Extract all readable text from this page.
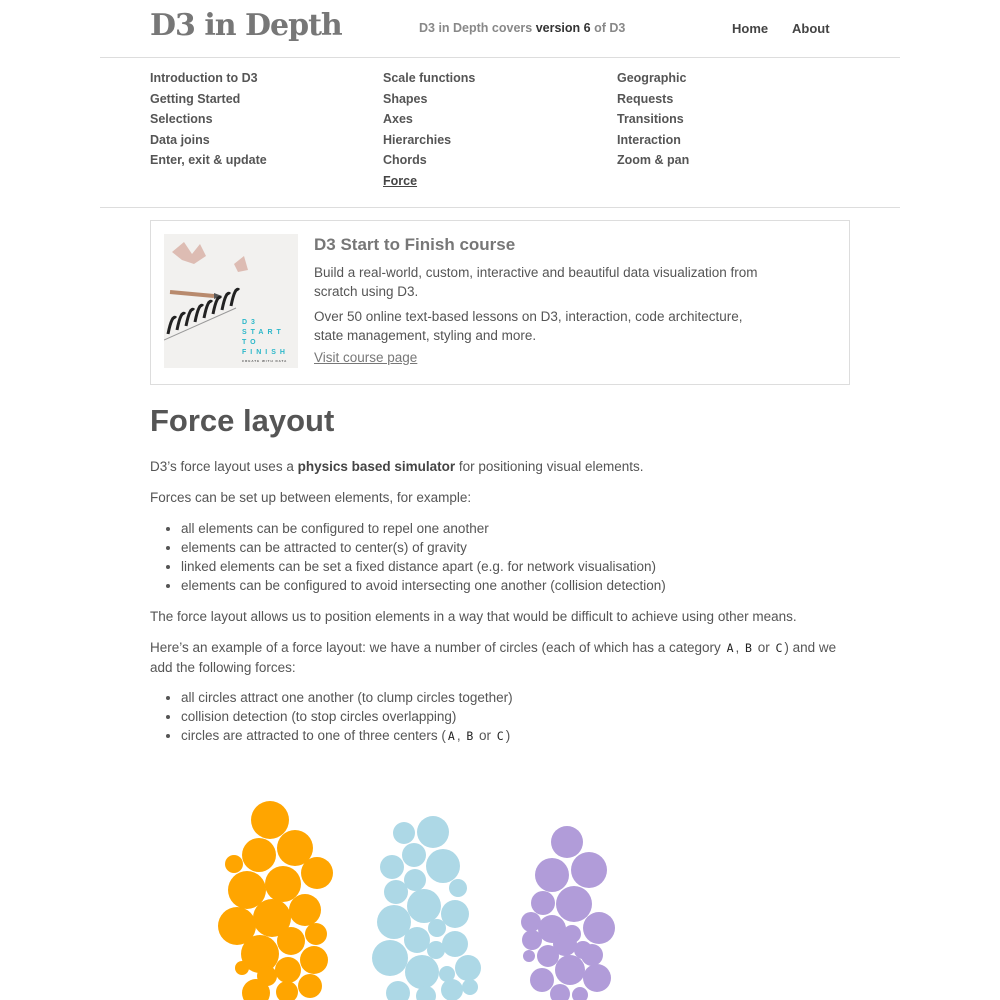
D3 in Depth	D3 in Depth covers version 6 of D3	Home About
Introduction to D3
Getting Started
Selections
Data joins
Enter, exit & update
Scale functions
Shapes
Axes
Hierarchies
Chords
Force
Geographic
Requests
Transitions
Interaction
Zoom & pan
D3
START
TO
FINISH
CREATE WITH DATA
D3 Start to Finish course

Build a real-world, custom, interactive and beautiful data visualization from scratch using D3.

Over 50 online text-based lessons on D3, interaction, code architecture, state management, styling and more.

Visit course page
Force layout

D3’s force layout uses a physics based simulator for positioning visual elements.

Forces can be set up between elements, for example:

• all elements can be configured to repel one another
• elements can be attracted to center(s) of gravity
• linked elements can be set a fixed distance apart (e.g. for network visualisation)
• elements can be configured to avoid intersecting one another (collision detection)

The force layout allows us to position elements in a way that would be difficult to achieve using other means.

Here’s an example of a force layout: we have a number of circles (each of which has a category A , B or C ) and we add the following forces:

• all circles attract one another (to clump circles together)
• collision detection (to stop circles overlapping)
• circles are attracted to one of three centers ( A , B or C )
